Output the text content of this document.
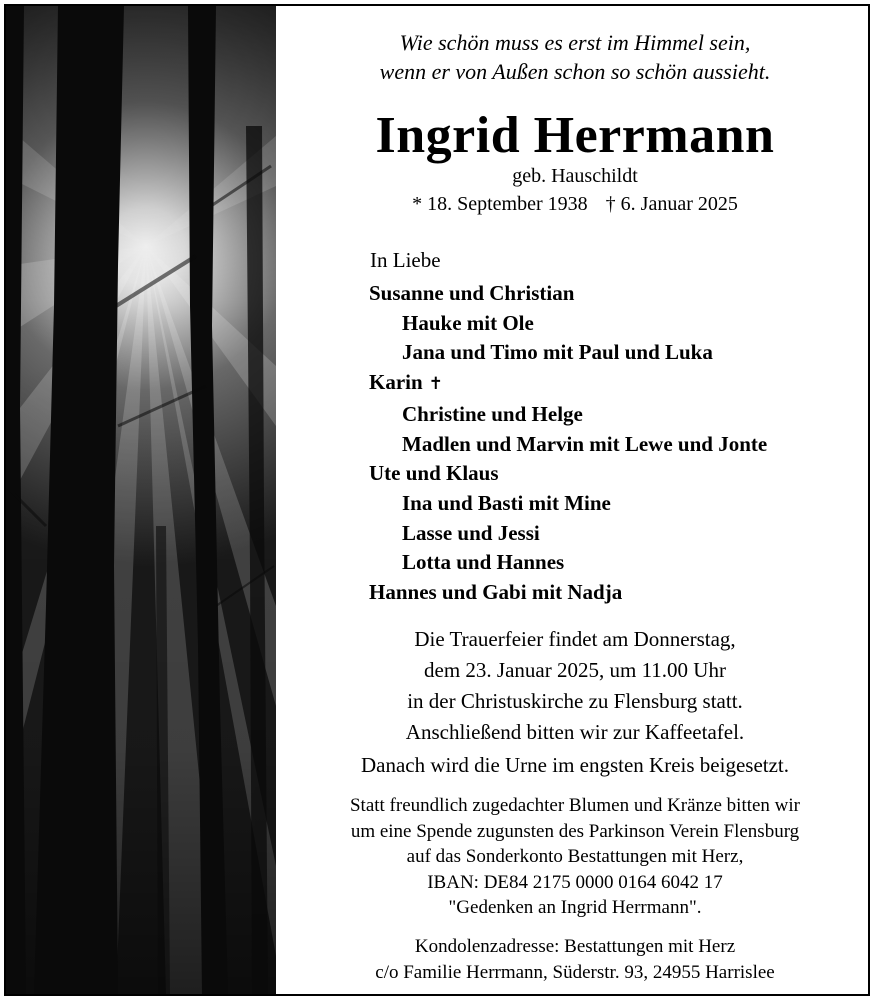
Wie schön muss es erst im Himmel sein,
wenn er von Außen schon so schön aussieht.
Ingrid Herrmann
geb. Hauschildt
* 18. September 1938 † 6. Januar 2025
In Liebe
Susanne und Christian
Hauke mit Ole
Jana und Timo mit Paul und Luka
Karin ✝
Christine und Helge
Madlen und Marvin mit Lewe und Jonte
Ute und Klaus
Ina und Basti mit Mine
Lasse und Jessi
Lotta und Hannes
Hannes und Gabi mit Nadja
Die Trauerfeier findet am Donnerstag,
dem 23. Januar 2025, um 11.00 Uhr
in der Christuskirche zu Flensburg statt.
Anschließend bitten wir zur Kaffeetafel.
Danach wird die Urne im engsten Kreis beigesetzt.
Statt freundlich zugedachter Blumen und Kränze bitten wir
um eine Spende zugunsten des Parkinson Verein Flensburg
auf das Sonderkonto Bestattungen mit Herz,
IBAN: DE84 2175 0000 0164 6042 17
"Gedenken an Ingrid Herrmann".
Kondolenzadresse: Bestattungen mit Herz
c/o Familie Herrmann, Süderstr. 93, 24955 Harrislee
